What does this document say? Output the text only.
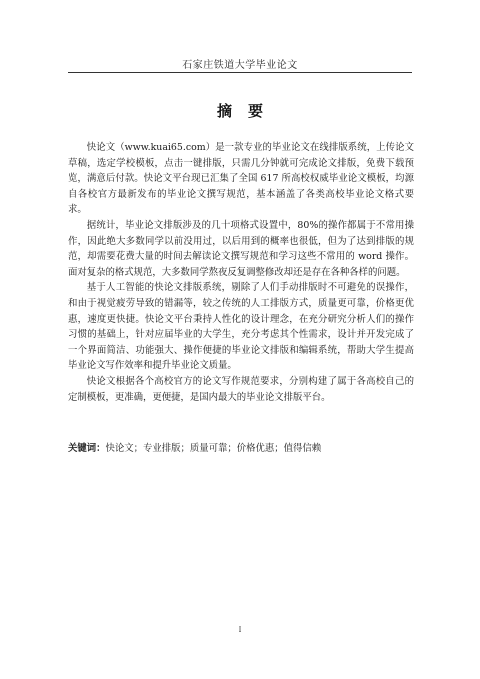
石家庄铁道大学毕业论文
摘要

快论文（www.kuai65.com）是一款专业的毕业论文在线排版系统，上传论文草稿，选定学校模板，点击一键排版，只需几分钟就可完成论文排版，免费下载预览，满意后付款。快论文平台现已汇集了全国 617 所高校权威毕业论文模板，均源自各校官方最新发布的毕业论文撰写规范，基本涵盖了各类高校毕业论文格式要求。

据统计，毕业论文排版涉及的几十项格式设置中，80%的操作都属于不常用操作，因此绝大多数同学以前没用过，以后用到的概率也很低，但为了达到排版的规范，却需要花费大量的时间去解读论文撰写规范和学习这些不常用的 word 操作。面对复杂的格式规范，大多数同学熬夜反复调整修改却还是存在各种各样的问题。

基于人工智能的快论文排版系统，剔除了人们手动排版时不可避免的误操作，和由于视觉疲劳导致的错漏等，较之传统的人工排版方式，质量更可靠，价格更优惠，速度更快捷。快论文平台秉持人性化的设计理念，在充分研究分析人们的操作习惯的基础上，针对应届毕业的大学生，充分考虑其个性需求，设计并开发完成了一个界面简洁、功能强大、操作便捷的毕业论文排版和编辑系统，帮助大学生提高毕业论文写作效率和提升毕业论文质量。

快论文根据各个高校官方的论文写作规范要求，分别构建了属于各高校自己的定制模板，更准确，更便捷，是国内最大的毕业论文排版平台。

关键词：快论文；专业排版；质量可靠；价格优惠；值得信赖
I
